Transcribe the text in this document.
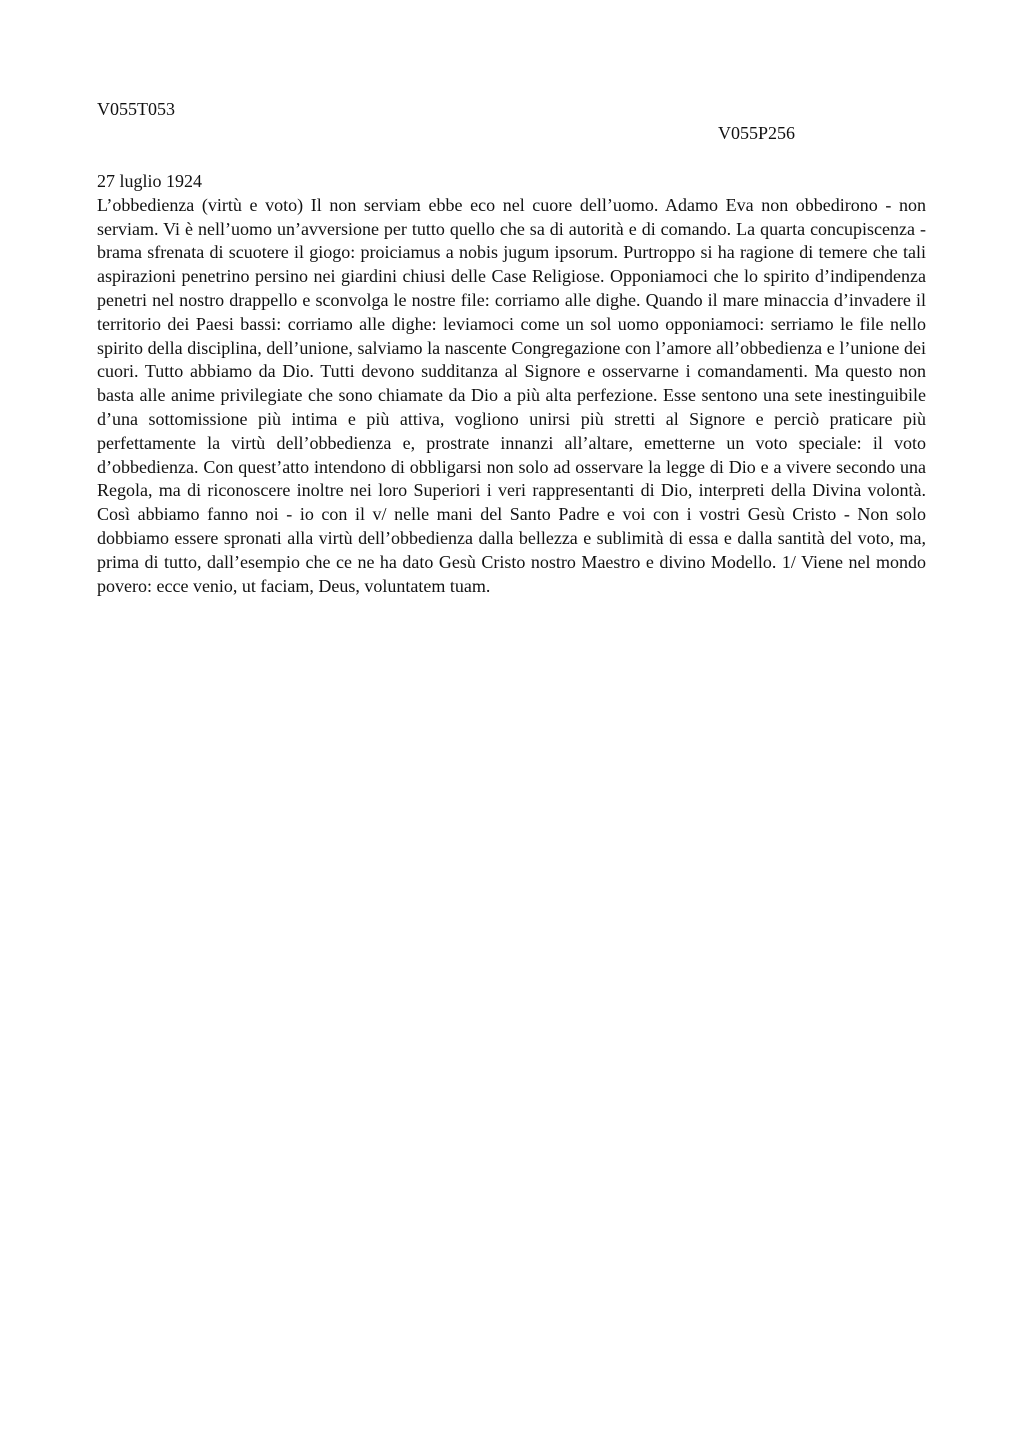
V055T053
V055P256
27 luglio 1924

L’obbedienza (virtù e voto) Il non serviam ebbe eco nel cuore dell’uomo. Adamo Eva non obbedirono - non serviam. Vi è nell’uomo un’avversione per tutto quello che sa di autorità e di comando. La quarta concupiscenza - brama sfrenata di scuotere il giogo: proiciamus a nobis jugum ipsorum. Purtroppo si ha ragione di temere che tali aspirazioni penetrino persino nei giardini chiusi delle Case Religiose. Opponiamoci che lo spirito d’indipendenza penetri nel nostro drappello e sconvolga le nostre file: corriamo alle dighe. Quando il mare minaccia d’invadere il territorio dei Paesi bassi: corriamo alle dighe: leviamoci come un sol uomo opponiamoci: serriamo le file nello spirito della disciplina, dell’unione, salviamo la nascente Congregazione con l’amore all’obbedienza e l’unione dei cuori. Tutto abbiamo da Dio. Tutti devono sudditanza al Signore e osservarne i comandamenti. Ma questo non basta alle anime privilegiate che sono chiamate da Dio a più alta perfezione. Esse sentono una sete inestinguibile d’una sottomissione più intima e più attiva, vogliono unirsi più stretti al Signore e perciò praticare più perfettamente la virtù dell’obbedienza e, prostrate innanzi all’altare, emetterne un voto speciale: il voto d’obbedienza. Con quest’atto intendono di obbligarsi non solo ad osservare la legge di Dio e a vivere secondo una Regola, ma di riconoscere inoltre nei loro Superiori i veri rappresentanti di Dio, interpreti della Divina volontà. Così abbiamo fanno noi - io con il v/ nelle mani del Santo Padre e voi con i vostri Gesù Cristo - Non solo dobbiamo essere spronati alla virtù dell’obbedienza dalla bellezza e sublimità di essa e dalla santità del voto, ma, prima di tutto, dall’esempio che ce ne ha dato Gesù Cristo nostro Maestro e divino Modello. 1/ Viene nel mondo povero: ecce venio, ut faciam, Deus, voluntatem tuam.
